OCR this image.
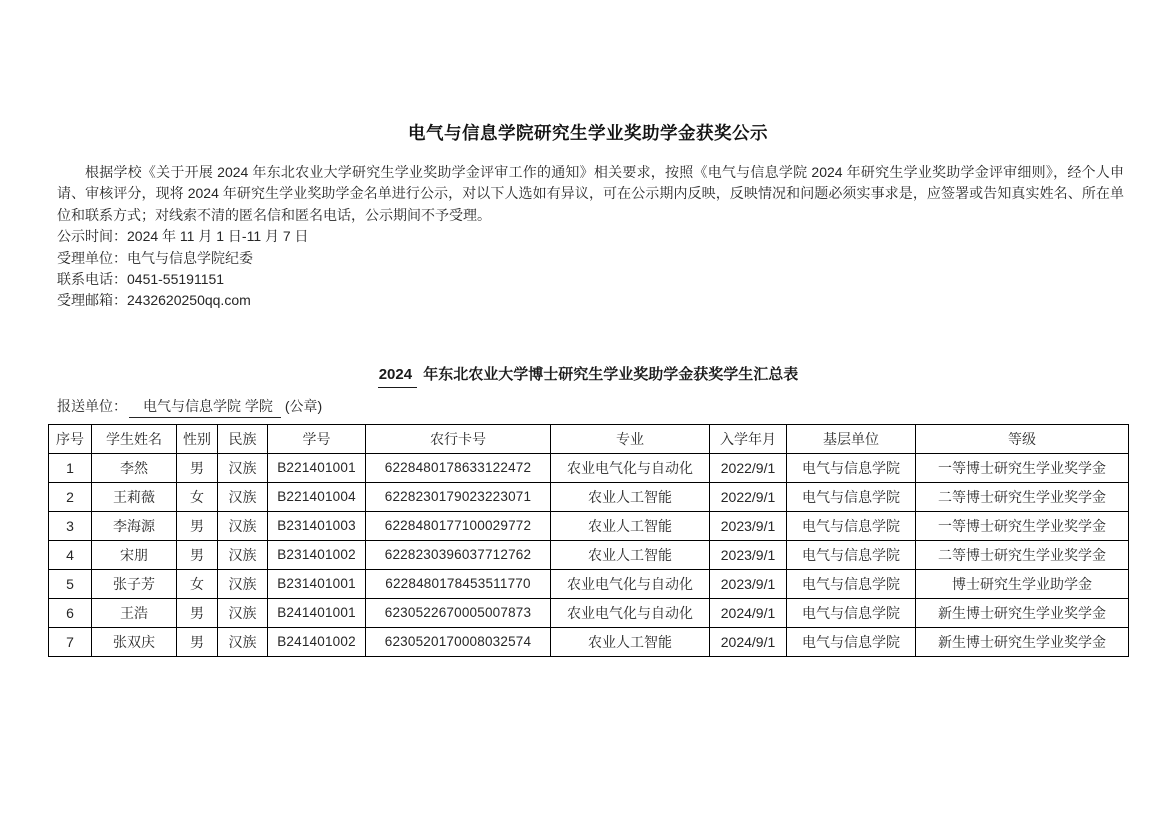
电气与信息学院研究生学业奖助学金获奖公示

根据学校《关于开展 2024 年东北农业大学研究生学业奖助学金评审工作的通知》相关要求，按照《电气与信息学院 2024 年研究生学业奖助学金评审细则》，经个人申请、审核评分，现将 2024 年研究生学业奖助学金名单进行公示，对以下人选如有异议，可在公示期内反映，反映情况和问题必须实事求是，应签署或告知真实姓名、所在单位和联系方式；对线索不清的匿名信和匿名电话，公示期间不予受理。

公示时间：2024 年 11 月 1 日-11 月 7 日
受理单位：电气与信息学院纪委
联系电话：0451-55191151
受理邮箱：2432620250qq.com
2024 年东北农业大学博士研究生学业奖助学金获奖学生汇总表
报送单位： 电气与信息学院 学院 (公章)
序号	学生姓名	性别	民族	学号	农行卡号	专业	入学年月	基层单位	等级
1	李然	男	汉族	B221401001	6228480178633122472	农业电气化与自动化	2022/9/1	电气与信息学院	一等博士研究生学业奖学金
2	王莉薇	女	汉族	B221401004	6228230179023223071	农业人工智能	2022/9/1	电气与信息学院	二等博士研究生学业奖学金
3	李海源	男	汉族	B231401003	6228480177100029772	农业人工智能	2023/9/1	电气与信息学院	一等博士研究生学业奖学金
4	宋朋	男	汉族	B231401002	6228230396037712762	农业人工智能	2023/9/1	电气与信息学院	二等博士研究生学业奖学金
5	张子芳	女	汉族	B231401001	6228480178453511770	农业电气化与自动化	2023/9/1	电气与信息学院	博士研究生学业助学金
6	王浩	男	汉族	B241401001	6230522670005007873	农业电气化与自动化	2024/9/1	电气与信息学院	新生博士研究生学业奖学金
7	张双庆	男	汉族	B241401002	6230520170008032574	农业人工智能	2024/9/1	电气与信息学院	新生博士研究生学业奖学金
